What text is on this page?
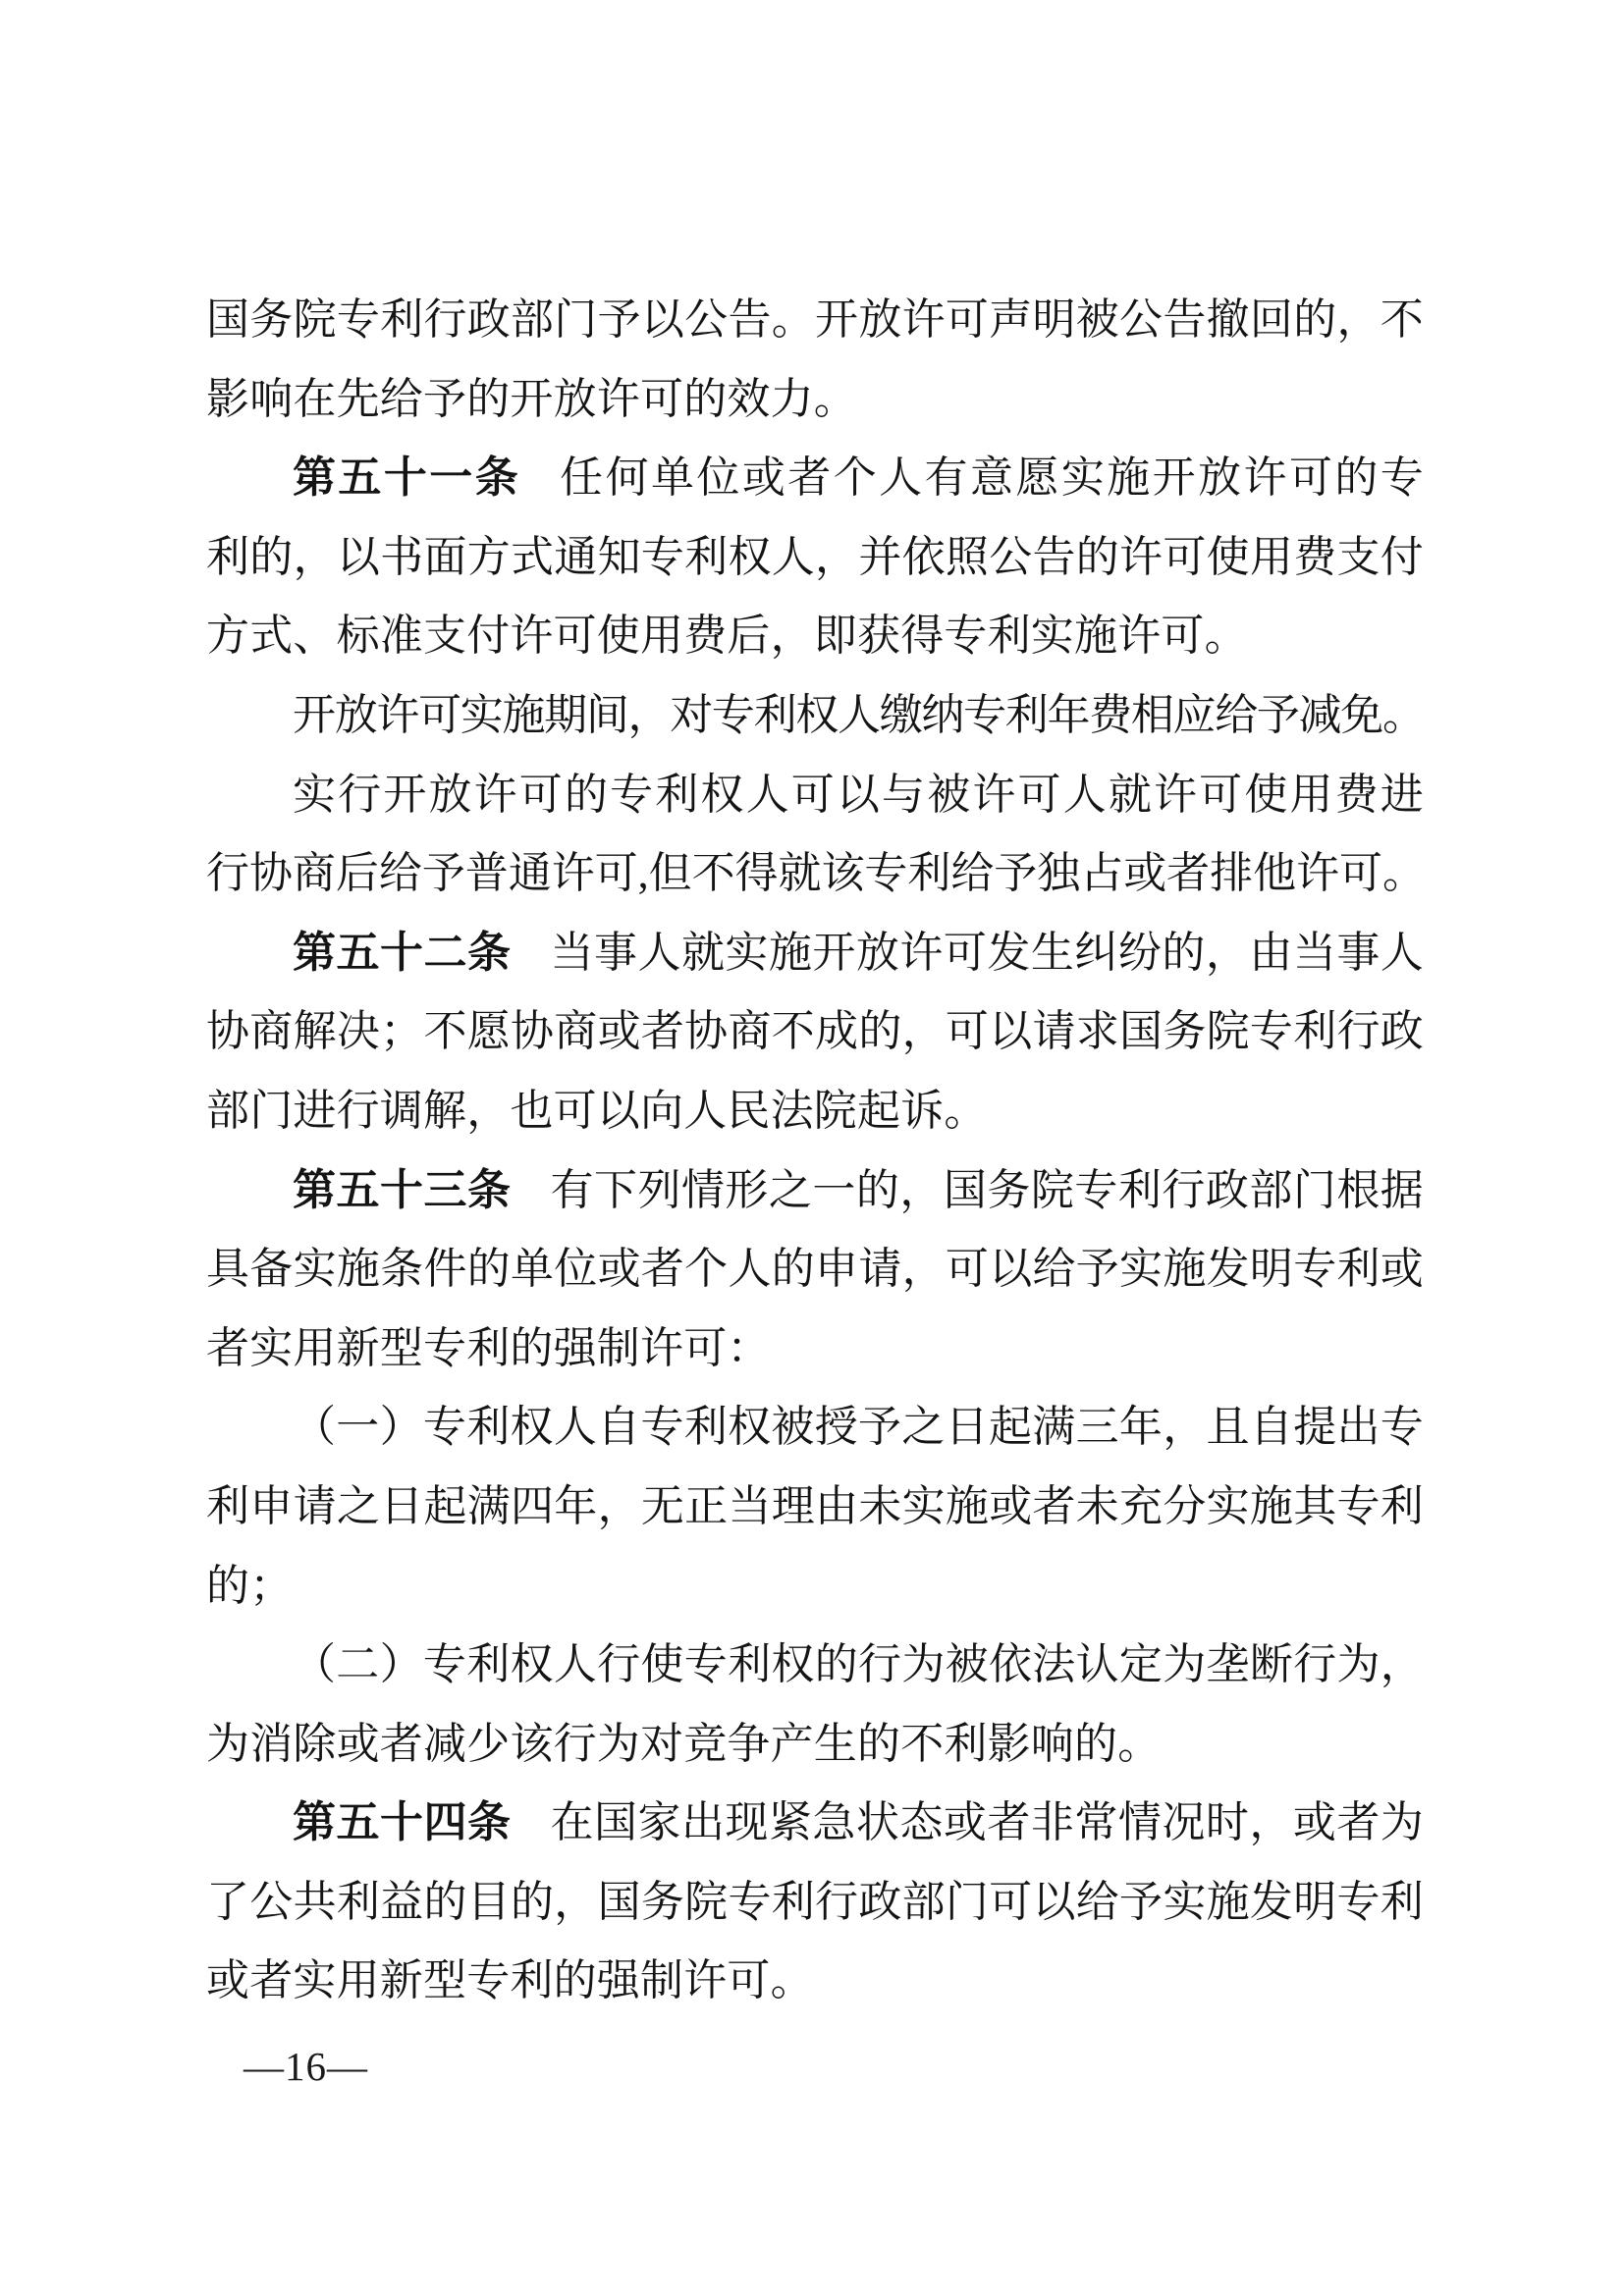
国务院专利行政部门予以公告。开放许可声明被公告撤回的，不
影响在先给予的开放许可的效力。
第五十一条 任何单位或者个人有意愿实施开放许可的专
利的，以书面方式通知专利权人，并依照公告的许可使用费支付
方式、标准支付许可使用费后，即获得专利实施许可。
开放许可实施期间，对专利权人缴纳专利年费相应给予减免。
实行开放许可的专利权人可以与被许可人就许可使用费进
行协商后给予普通许可,但不得就该专利给予独占或者排他许可。
第五十二条 当事人就实施开放许可发生纠纷的，由当事人
协商解决；不愿协商或者协商不成的，可以请求国务院专利行政
部门进行调解，也可以向人民法院起诉。
第五十三条 有下列情形之一的，国务院专利行政部门根据
具备实施条件的单位或者个人的申请，可以给予实施发明专利或
者实用新型专利的强制许可：
（一）专利权人自专利权被授予之日起满三年，且自提出专
利申请之日起满四年，无正当理由未实施或者未充分实施其专利
的；
（二）专利权人行使专利权的行为被依法认定为垄断行为，
为消除或者减少该行为对竞争产生的不利影响的。
第五十四条 在国家出现紧急状态或者非常情况时，或者为
了公共利益的目的，国务院专利行政部门可以给予实施发明专利
或者实用新型专利的强制许可。
—16—
